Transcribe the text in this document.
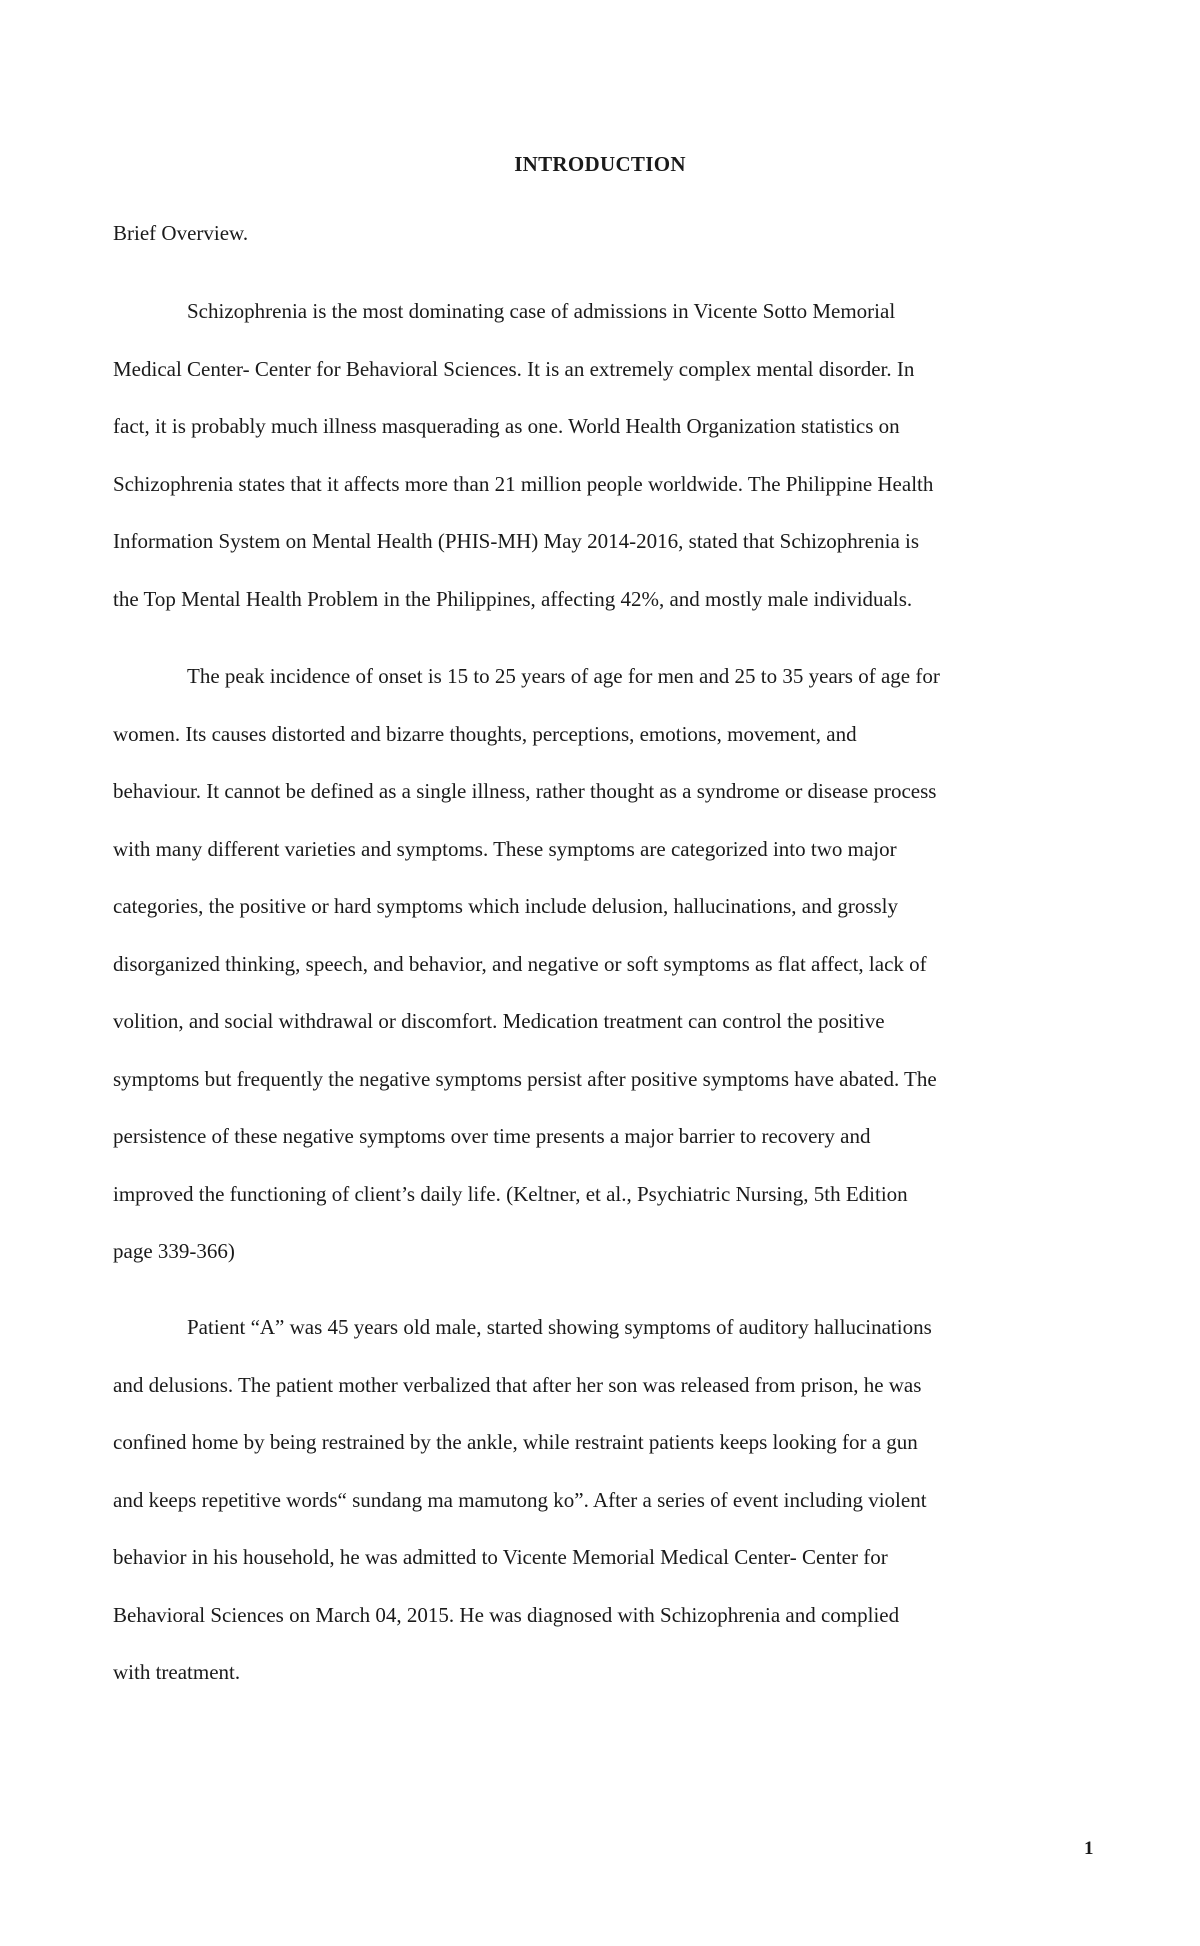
INTRODUCTION
Brief Overview.
Schizophrenia is the most dominating case of admissions in Vicente Sotto Memorial
Medical Center- Center for Behavioral Sciences. It is an extremely complex mental disorder. In
fact, it is probably much illness masquerading as one. World Health Organization statistics on
Schizophrenia states that it affects more than 21 million people worldwide. The Philippine Health
Information System on Mental Health (PHIS-MH) May 2014-2016, stated that Schizophrenia is
the Top Mental Health Problem in the Philippines, affecting 42%, and mostly male individuals.
The peak incidence of onset is 15 to 25 years of age for men and 25 to 35 years of age for
women. Its causes distorted and bizarre thoughts, perceptions, emotions, movement, and
behaviour. It cannot be defined as a single illness, rather thought as a syndrome or disease process
with many different varieties and symptoms. These symptoms are categorized into two major
categories, the positive or hard symptoms which include delusion, hallucinations, and grossly
disorganized thinking, speech, and behavior, and negative or soft symptoms as flat affect, lack of
volition, and social withdrawal or discomfort. Medication treatment can control the positive
symptoms but frequently the negative symptoms persist after positive symptoms have abated. The
persistence of these negative symptoms over time presents a major barrier to recovery and
improved the functioning of client’s daily life. (Keltner, et al., Psychiatric Nursing, 5th Edition
page 339-366)
Patient “A” was 45 years old male, started showing symptoms of auditory hallucinations
and delusions. The patient mother verbalized that after her son was released from prison, he was
confined home by being restrained by the ankle, while restraint patients keeps looking for a gun
and keeps repetitive words“ sundang ma mamutong ko”. After a series of event including violent
behavior in his household, he was admitted to Vicente Memorial Medical Center- Center for
Behavioral Sciences on March 04, 2015. He was diagnosed with Schizophrenia and complied
with treatment.
1
